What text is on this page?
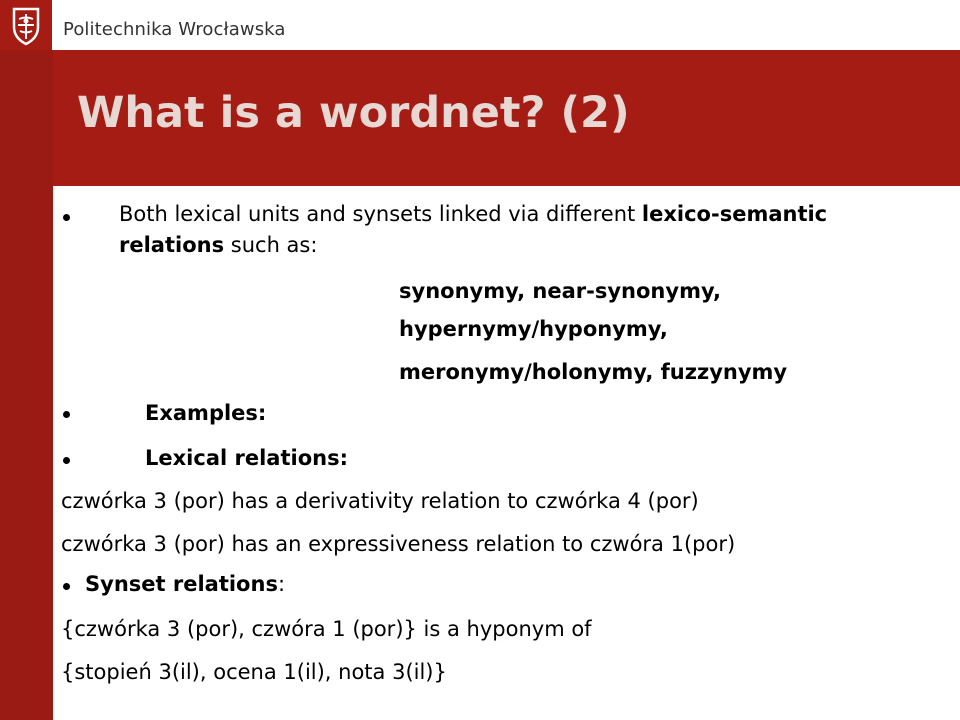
Politechnika Wrocławska
What is a wordnet? (2)
Both lexical units and synsets linked via different lexico-semantic
relations such as:
synonymy, near-synonymy,
hypernymy/hyponymy,
meronymy/holonymy, fuzzynymy
Examples:
Lexical relations:
czwórka 3 (por) has a derivativity relation to czwórka 4 (por)
czwórka 3 (por) has an expressiveness relation to czwóra 1(por)
Synset relations:
{czwórka 3 (por), czwóra 1 (por)} is a hyponym of
{stopień 3(il), ocena 1(il), nota 3(il)}
